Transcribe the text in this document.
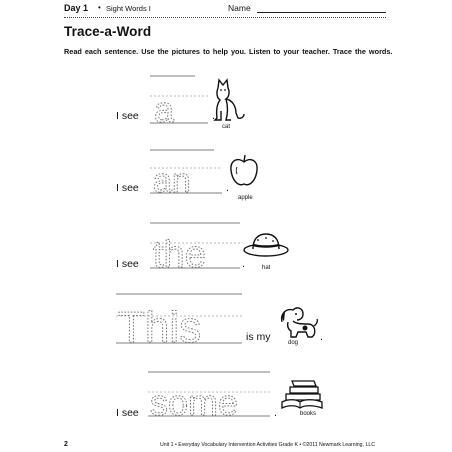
Day 1 • Sight Words I	Name
Trace-a-Word
Read each sentence. Use the pictures to help you. Listen to your teacher. Trace the words.
I see a	.
cat
I see an	.
apple
I see the	.	hat
This	is my	.
dog
I see some	.	books
2	Unit 1 • Everyday Vocabulary Intervention Activities Grade K • ©2011 Newmark Learning, LLC
